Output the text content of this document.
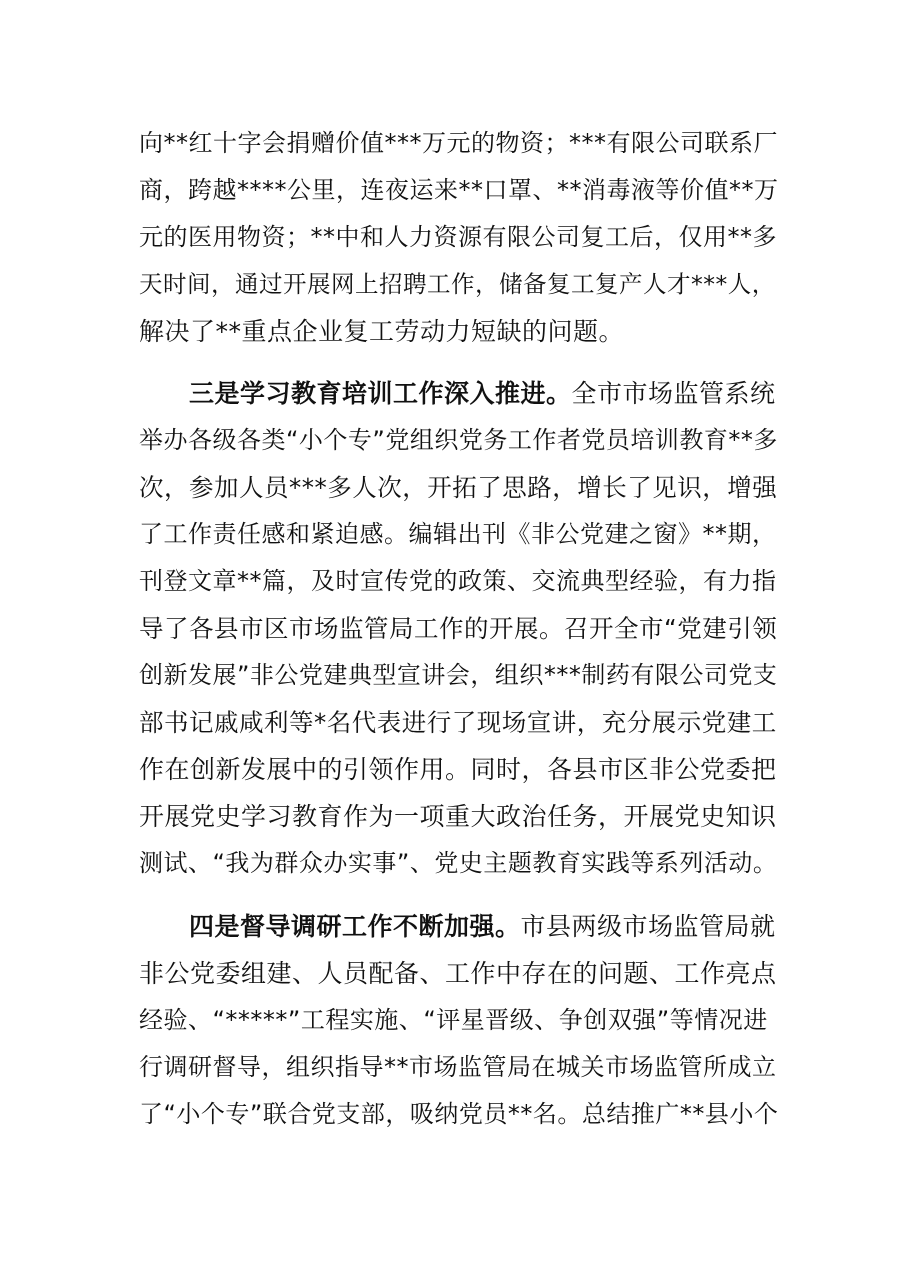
向**红十字会捐赠价值***万元的物资；***有限公司联系厂
商，跨越****公里，连夜运来**口罩、**消毒液等价值**万
元的医用物资；**中和人力资源有限公司复工后，仅用**多
天时间，通过开展网上招聘工作，储备复工复产人才***人，
解决了**重点企业复工劳动力短缺的问题。
三是学习教育培训工作深入推进。全市市场监管系统
举办各级各类“小个专”党组织党务工作者党员培训教育**多
次，参加人员***多人次，开拓了思路，增长了见识，增强
了工作责任感和紧迫感。编辑出刊《非公党建之窗》**期，
刊登文章**篇，及时宣传党的政策、交流典型经验，有力指
导了各县市区市场监管局工作的开展。召开全市“党建引领
创新发展”非公党建典型宣讲会，组织***制药有限公司党支
部书记戚咸利等*名代表进行了现场宣讲，充分展示党建工
作在创新发展中的引领作用。同时，各县市区非公党委把
开展党史学习教育作为一项重大政治任务，开展党史知识
测试、“我为群众办实事”、党史主题教育实践等系列活动。
四是督导调研工作不断加强。市县两级市场监管局就
非公党委组建、人员配备、工作中存在的问题、工作亮点
经验、“*****”工程实施、“评星晋级、争创双强”等情况进
行调研督导，组织指导**市场监管局在城关市场监管所成立
了“小个专”联合党支部，吸纳党员**名。总结推广**县小个
